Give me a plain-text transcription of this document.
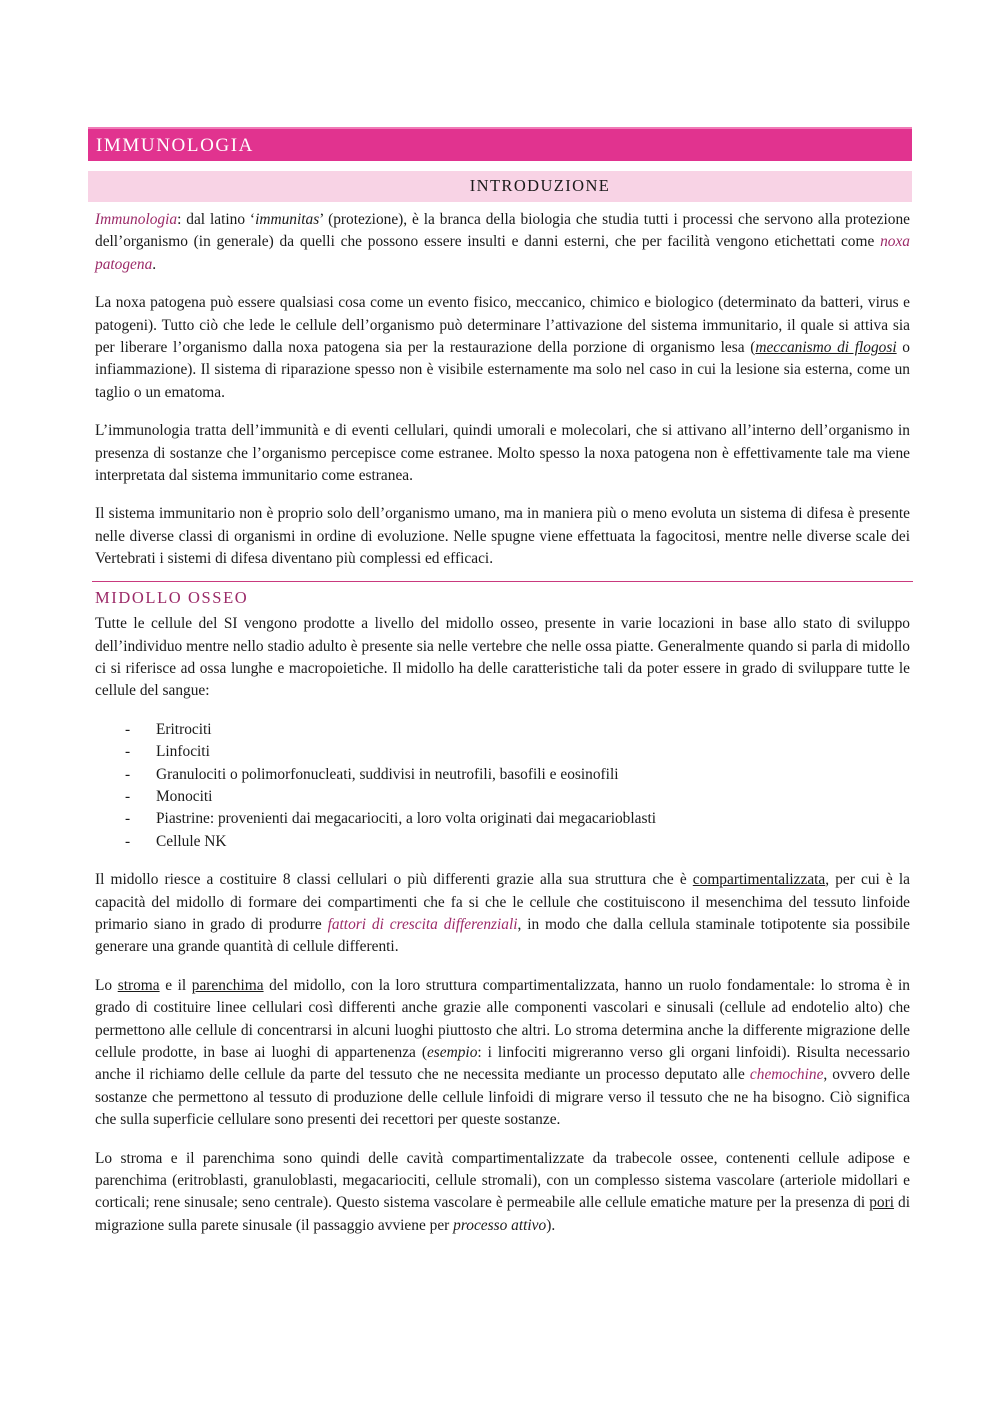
IMMUNOLOGIA
INTRODUZIONE

Immunologia: dal latino ‘immunitas’ (protezione), è la branca della biologia che studia tutti i processi che servono alla protezione dell’organismo (in generale) da quelli che possono essere insulti e danni esterni, che per facilità vengono etichettati come noxa patogena.

La noxa patogena può essere qualsiasi cosa come un evento fisico, meccanico, chimico e biologico (determinato da batteri, virus e patogeni). Tutto ciò che lede le cellule dell’organismo può determinare l’attivazione del sistema immunitario, il quale si attiva sia per liberare l’organismo dalla noxa patogena sia per la restaurazione della porzione di organismo lesa (meccanismo di flogosi o infiammazione). Il sistema di riparazione spesso non è visibile esternamente ma solo nel caso in cui la lesione sia esterna, come un taglio o un ematoma.

L’immunologia tratta dell’immunità e di eventi cellulari, quindi umorali e molecolari, che si attivano all’interno dell’organismo in presenza di sostanze che l’organismo percepisce come estranee. Molto spesso la noxa patogena non è effettivamente tale ma viene interpretata dal sistema immunitario come estranea.

Il sistema immunitario non è proprio solo dell’organismo umano, ma in maniera più o meno evoluta un sistema di difesa è presente nelle diverse classi di organismi in ordine di evoluzione. Nelle spugne viene effettuata la fagocitosi, mentre nelle diverse scale dei Vertebrati i sistemi di difesa diventano più complessi ed efficaci.

MIDOLLO OSSEO

Tutte le cellule del SI vengono prodotte a livello del midollo osseo, presente in varie locazioni in base allo stato di sviluppo dell’individuo mentre nello stadio adulto è presente sia nelle vertebre che nelle ossa piatte. Generalmente quando si parla di midollo ci si riferisce ad ossa lunghe e macropoietiche. Il midollo ha delle caratteristiche tali da poter essere in grado di sviluppare tutte le cellule del sangue:

- Eritrociti
- Linfociti
- Granulociti o polimorfonucleati, suddivisi in neutrofili, basofili e eosinofili
- Monociti
- Piastrine: provenienti dai megacariociti, a loro volta originati dai megacarioblasti
- Cellule NK

Il midollo riesce a costituire 8 classi cellulari o più differenti grazie alla sua struttura che è compartimentalizzata, per cui è la capacità del midollo di formare dei compartimenti che fa si che le cellule che costituiscono il mesenchima del tessuto linfoide primario siano in grado di produrre fattori di crescita differenziali, in modo che dalla cellula staminale totipotente sia possibile generare una grande quantità di cellule differenti.

Lo stroma e il parenchima del midollo, con la loro struttura compartimentalizzata, hanno un ruolo fondamentale: lo stroma è in grado di costituire linee cellulari così differenti anche grazie alle componenti vascolari e sinusali (cellule ad endotelio alto) che permettono alle cellule di concentrarsi in alcuni luoghi piuttosto che altri. Lo stroma determina anche la differente migrazione delle cellule prodotte, in base ai luoghi di appartenenza (esempio: i linfociti migreranno verso gli organi linfoidi). Risulta necessario anche il richiamo delle cellule da parte del tessuto che ne necessita mediante un processo deputato alle chemochine, ovvero delle sostanze che permettono al tessuto di produzione delle cellule linfoidi di migrare verso il tessuto che ne ha bisogno. Ciò significa che sulla superficie cellulare sono presenti dei recettori per queste sostanze.

Lo stroma e il parenchima sono quindi delle cavità compartimentalizzate da trabecole ossee, contenenti cellule adipose e parenchima (eritroblasti, granuloblasti, megacariociti, cellule stromali), con un complesso sistema vascolare (arteriole midollari e corticali; rene sinusale; seno centrale). Questo sistema vascolare è permeabile alle cellule ematiche mature per la presenza di pori di migrazione sulla parete sinusale (il passaggio avviene per processo attivo).
